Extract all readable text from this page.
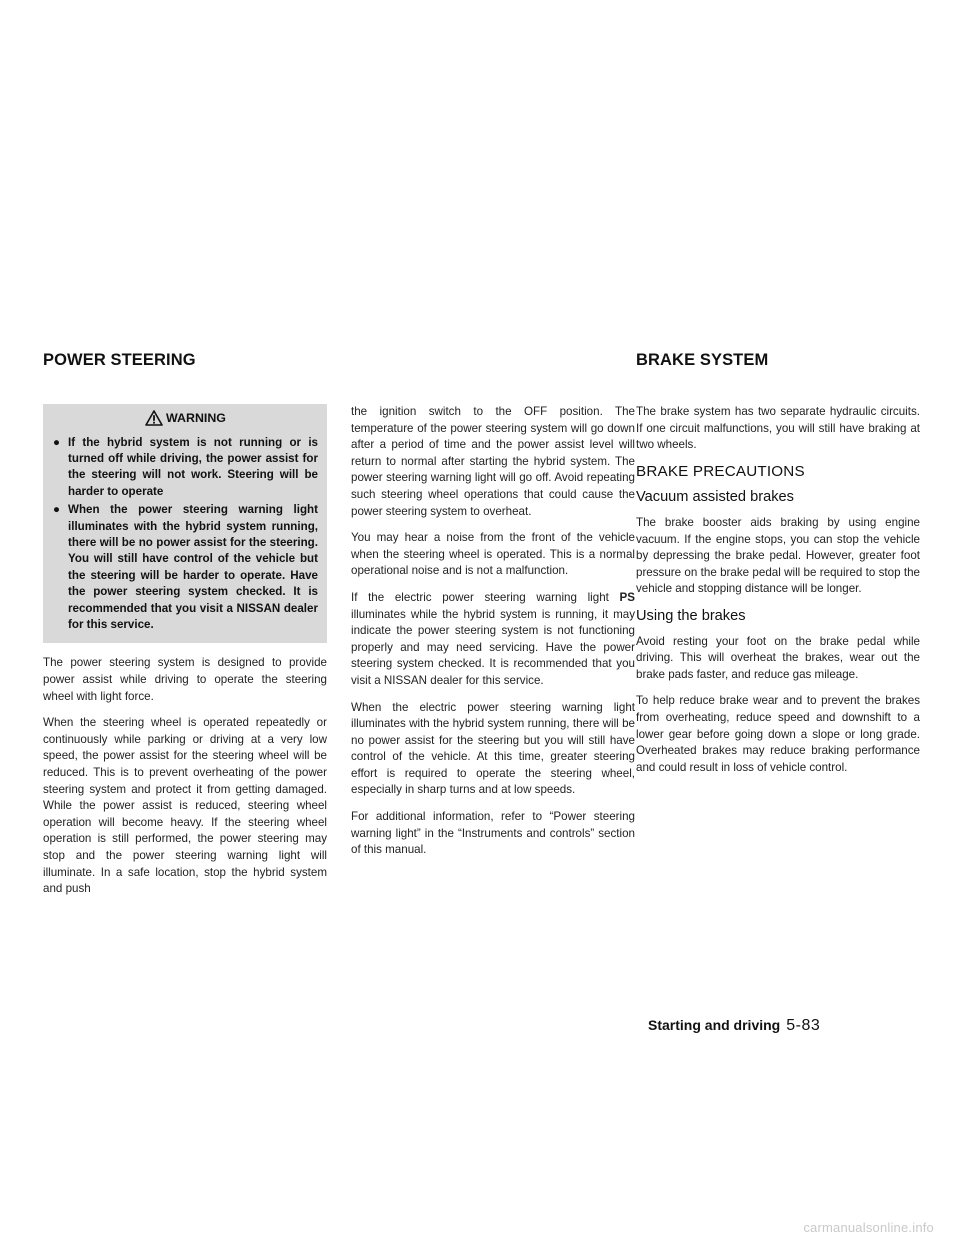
POWER STEERING	BRAKE SYSTEM
WARNING
● If the hybrid system is not running or is turned off while driving, the power assist for the steering will not work. Steering will be harder to operate
● When the power steering warning light illuminates with the hybrid system running, there will be no power assist for the steering. You will still have control of the vehicle but the steering will be harder to operate. Have the power steering system checked. It is recommended that you visit a NISSAN dealer for this service.

The power steering system is designed to provide power assist while driving to operate the steering wheel with light force.

When the steering wheel is operated repeatedly or continuously while parking or driving at a very low speed, the power assist for the steering wheel will be reduced. This is to prevent overheating of the power steering system and protect it from getting damaged. While the power assist is reduced, steering wheel operation will become heavy. If the steering wheel operation is still performed, the power steering may stop and the power steering warning light will illuminate. In a safe location, stop the hybrid system and push

the ignition switch to the OFF position. The temperature of the power steering system will go down after a period of time and the power assist level will return to normal after starting the hybrid system. The power steering warning light will go off. Avoid repeating such steering wheel operations that could cause the power steering system to overheat.

You may hear a noise from the front of the vehicle when the steering wheel is operated. This is a normal operational noise and is not a malfunction.

If the electric power steering warning light PS illuminates while the hybrid system is running, it may indicate the power steering system is not functioning properly and may need servicing. Have the power steering system checked. It is recommended that you visit a NISSAN dealer for this service.

When the electric power steering warning light illuminates with the hybrid system running, there will be no power assist for the steering but you will still have control of the vehicle. At this time, greater steering effort is required to operate the steering wheel, especially in sharp turns and at low speeds.

For additional information, refer to “Power steering warning light” in the “Instruments and controls” section of this manual.

The brake system has two separate hydraulic circuits. If one circuit malfunctions, you will still have braking at two wheels.

BRAKE PRECAUTIONS
Vacuum assisted brakes

The brake booster aids braking by using engine vacuum. If the engine stops, you can stop the vehicle by depressing the brake pedal. However, greater foot pressure on the brake pedal will be required to stop the vehicle and stopping distance will be longer.

Using the brakes

Avoid resting your foot on the brake pedal while driving. This will overheat the brakes, wear out the brake pads faster, and reduce gas mileage.

To help reduce brake wear and to prevent the brakes from overheating, reduce speed and downshift to a lower gear before going down a slope or long grade. Overheated brakes may reduce braking performance and could result in loss of vehicle control.

Starting and driving 5-83
carmanualsonline.info
